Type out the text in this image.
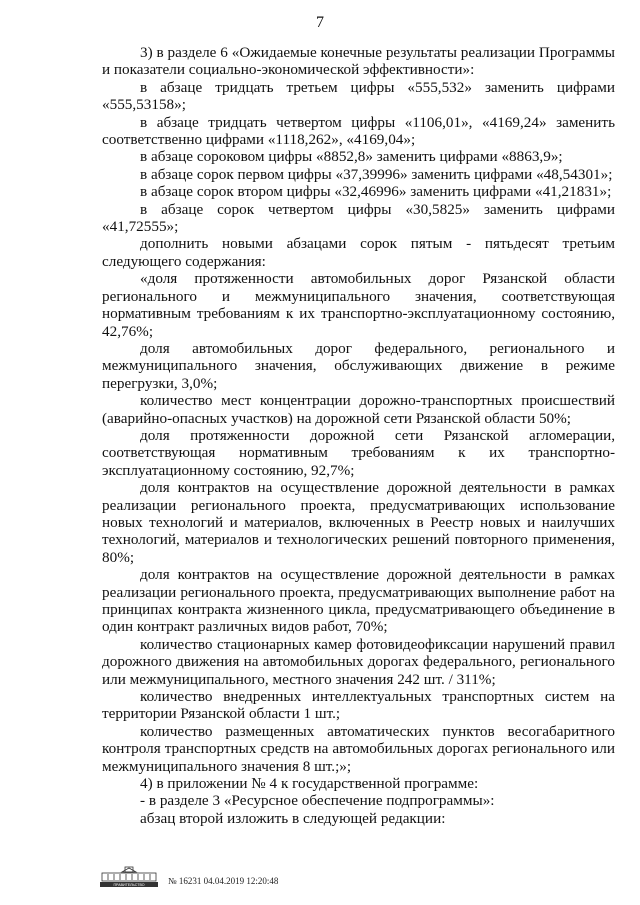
7

3) в разделе 6 «Ожидаемые конечные результаты реализации Программы и показатели социально-экономической эффективности»:

в абзаце тридцать третьем цифры «555,532» заменить цифрами «555,53158»;

в абзаце тридцать четвертом цифры «1106,01», «4169,24» заменить соответственно цифрами «1118,262», «4169,04»;

в абзаце сороковом цифры «8852,8» заменить цифрами «8863,9»;

в абзаце сорок первом цифры «37,39996» заменить цифрами «48,54301»;

в абзаце сорок втором цифры «32,46996» заменить цифрами «41,21831»;

в абзаце сорок четвертом цифры «30,5825» заменить цифрами «41,72555»;

дополнить новыми абзацами сорок пятым - пятьдесят третьим следующего содержания:

«доля протяженности автомобильных дорог Рязанской области регионального и межмуниципального значения, соответствующая нормативным требованиям к их транспортно-эксплуатационному состоянию, 42,76%;

доля автомобильных дорог федерального, регионального и межмуниципального значения, обслуживающих движение в режиме перегрузки, 3,0%;

количество мест концентрации дорожно-транспортных происшествий (аварийно-опасных участков) на дорожной сети Рязанской области 50%;

доля протяженности дорожной сети Рязанской агломерации, соответствующая нормативным требованиям к их транспортно-эксплуатационному состоянию, 92,7%;

доля контрактов на осуществление дорожной деятельности в рамках реализации регионального проекта, предусматривающих использование новых технологий и материалов, включенных в Реестр новых и наилучших технологий, материалов и технологических решений повторного применения, 80%;

доля контрактов на осуществление дорожной деятельности в рамках реализации регионального проекта, предусматривающих выполнение работ на принципах контракта жизненного цикла, предусматривающего объединение в один контракт различных видов работ, 70%;

количество стационарных камер фотовидеофиксации нарушений правил дорожного движения на автомобильных дорогах федерального, регионального или межмуниципального, местного значения 242 шт. / 311%;

количество внедренных интеллектуальных транспортных систем на территории Рязанской области 1 шт.;

количество размещенных автоматических пунктов весогабаритного контроля транспортных средств на автомобильных дорогах регионального или межмуниципального значения 8 шт.;»;

4) в приложении № 4 к государственной программе:

- в разделе 3 «Ресурсное обеспечение подпрограммы»:

абзац второй изложить в следующей редакции:

ПРАВИТЕЛЬСТВО	№ 16231 04.04.2019 12:20:48
